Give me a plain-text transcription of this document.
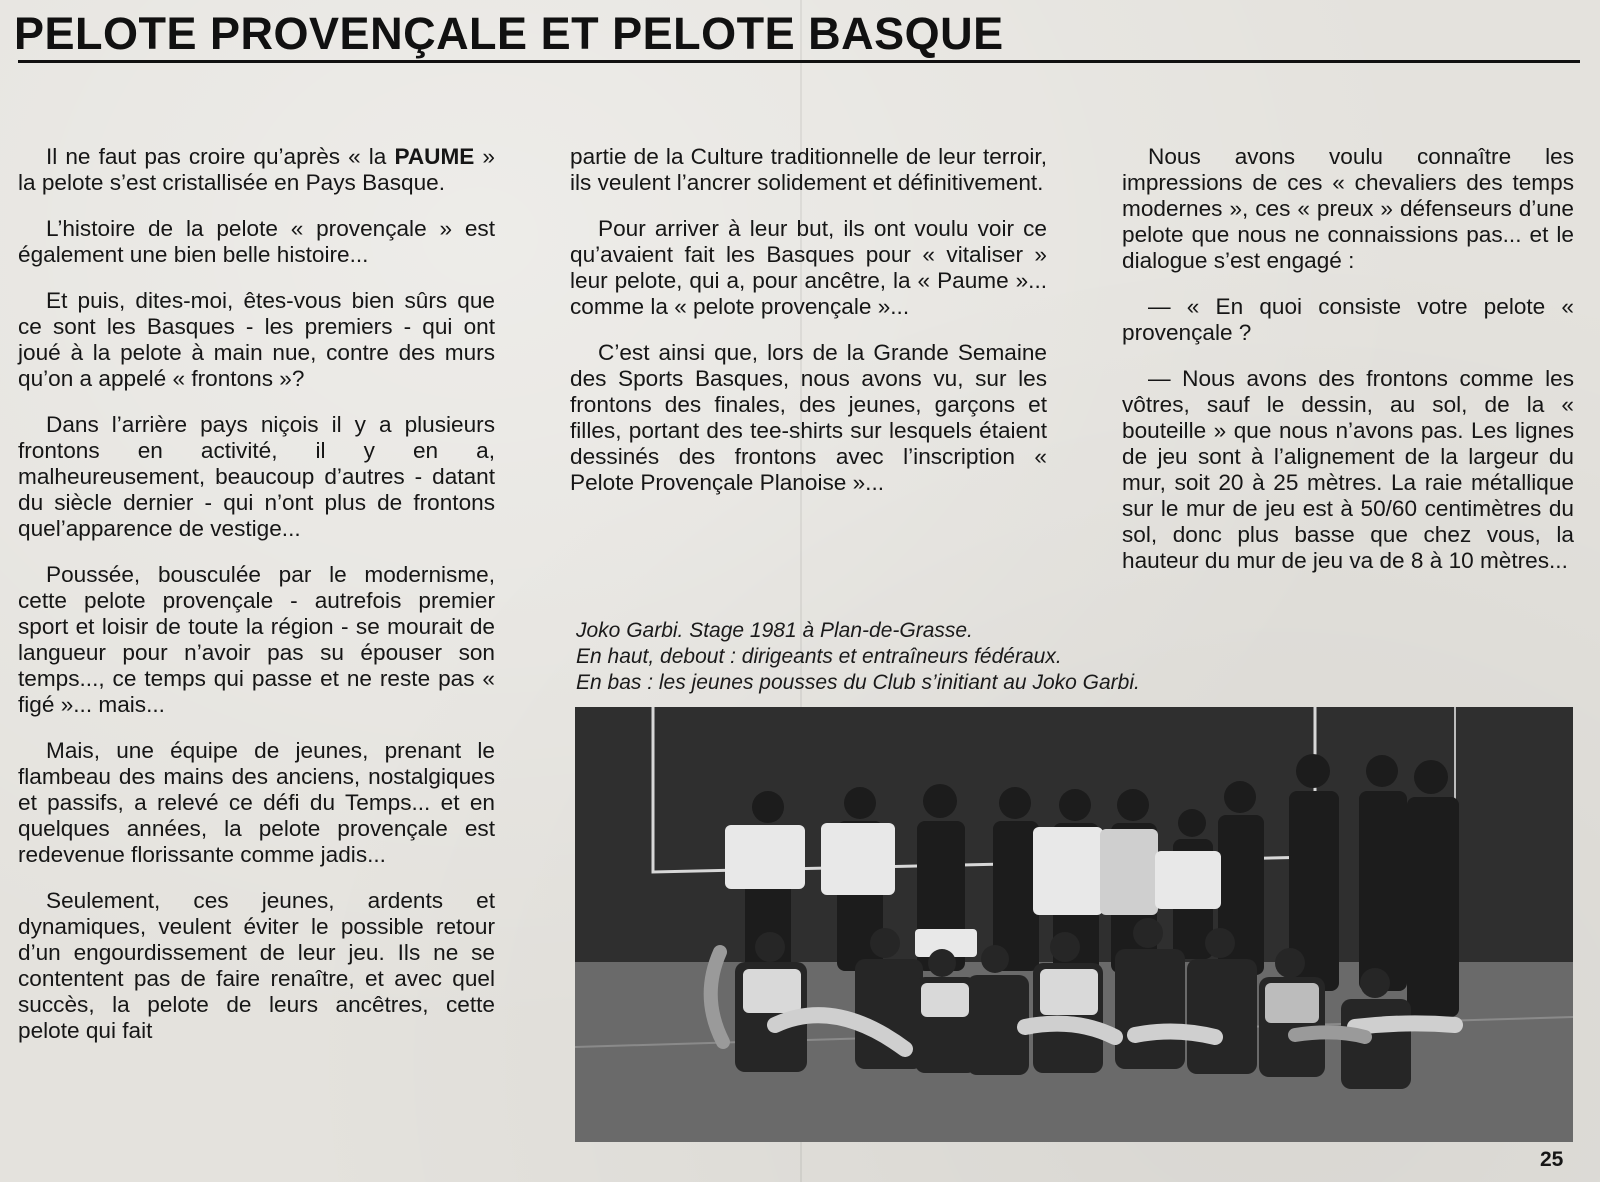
PELOTE PROVENÇALE ET PELOTE BASQUE

Il ne faut pas croire qu’après « la PAUME » la pelote s’est cristallisée en Pays Basque.

L’histoire de la pelote « provençale » est également une bien belle histoire...

Et puis, dites-moi, êtes-vous bien sûrs que ce sont les Basques - les premiers - qui ont joué à la pelote à main nue, contre des murs qu’on a appelé « frontons »?

Dans l’arrière pays niçois il y a plusieurs frontons en activité, il y en a, malheureusement, beaucoup d’autres - datant du siècle dernier - qui n’ont plus de frontons quel’apparence de vestige...

Poussée, bousculée par le modernisme, cette pelote provençale - autrefois premier sport et loisir de toute la région - se mourait de langueur pour n’avoir pas su épouser son temps..., ce temps qui passe et ne reste pas « figé »... mais...

Mais, une équipe de jeunes, prenant le flambeau des mains des anciens, nostalgiques et passifs, a relevé ce défi du Temps... et en quelques années, la pelote provençale est redevenue florissante comme jadis...

Seulement, ces jeunes, ardents et dynamiques, veulent éviter le possible retour d’un engourdissement de leur jeu. Ils ne se contentent pas de faire renaître, et avec quel succès, la pelote de leurs ancêtres, cette pelote qui fait

partie de la Culture traditionnelle de leur terroir, ils veulent l’ancrer solidement et définitivement.

Pour arriver à leur but, ils ont voulu voir ce qu’avaient fait les Basques pour « vitaliser » leur pelote, qui a, pour ancêtre, la « Paume »... comme la « pelote provençale »...

C’est ainsi que, lors de la Grande Semaine des Sports Basques, nous avons vu, sur les frontons des finales, des jeunes, garçons et filles, portant des tee-shirts sur lesquels étaient dessinés des frontons avec l’inscription « Pelote Provençale Planoise »...

Nous avons voulu connaître les impressions de ces « chevaliers des temps modernes », ces « preux » défenseurs d’une pelote que nous ne connaissions pas... et le dialogue s’est engagé :

— « En quoi consiste votre pelote « provençale ?

— Nous avons des frontons comme les vôtres, sauf le dessin, au sol, de la « bouteille » que nous n’avons pas. Les lignes de jeu sont à l’alignement de la largeur du mur, soit 20 à 25 mètres. La raie métallique sur le mur de jeu est à 50/60 centimètres du sol, donc plus basse que chez vous, la hauteur du mur de jeu va de 8 à 10 mètres...

Joko Garbi. Stage 1981 à Plan-de-Grasse.
En haut, debout : dirigeants et entraîneurs fédéraux.
En bas : les jeunes pousses du Club s’initiant au Joko Garbi.
25
